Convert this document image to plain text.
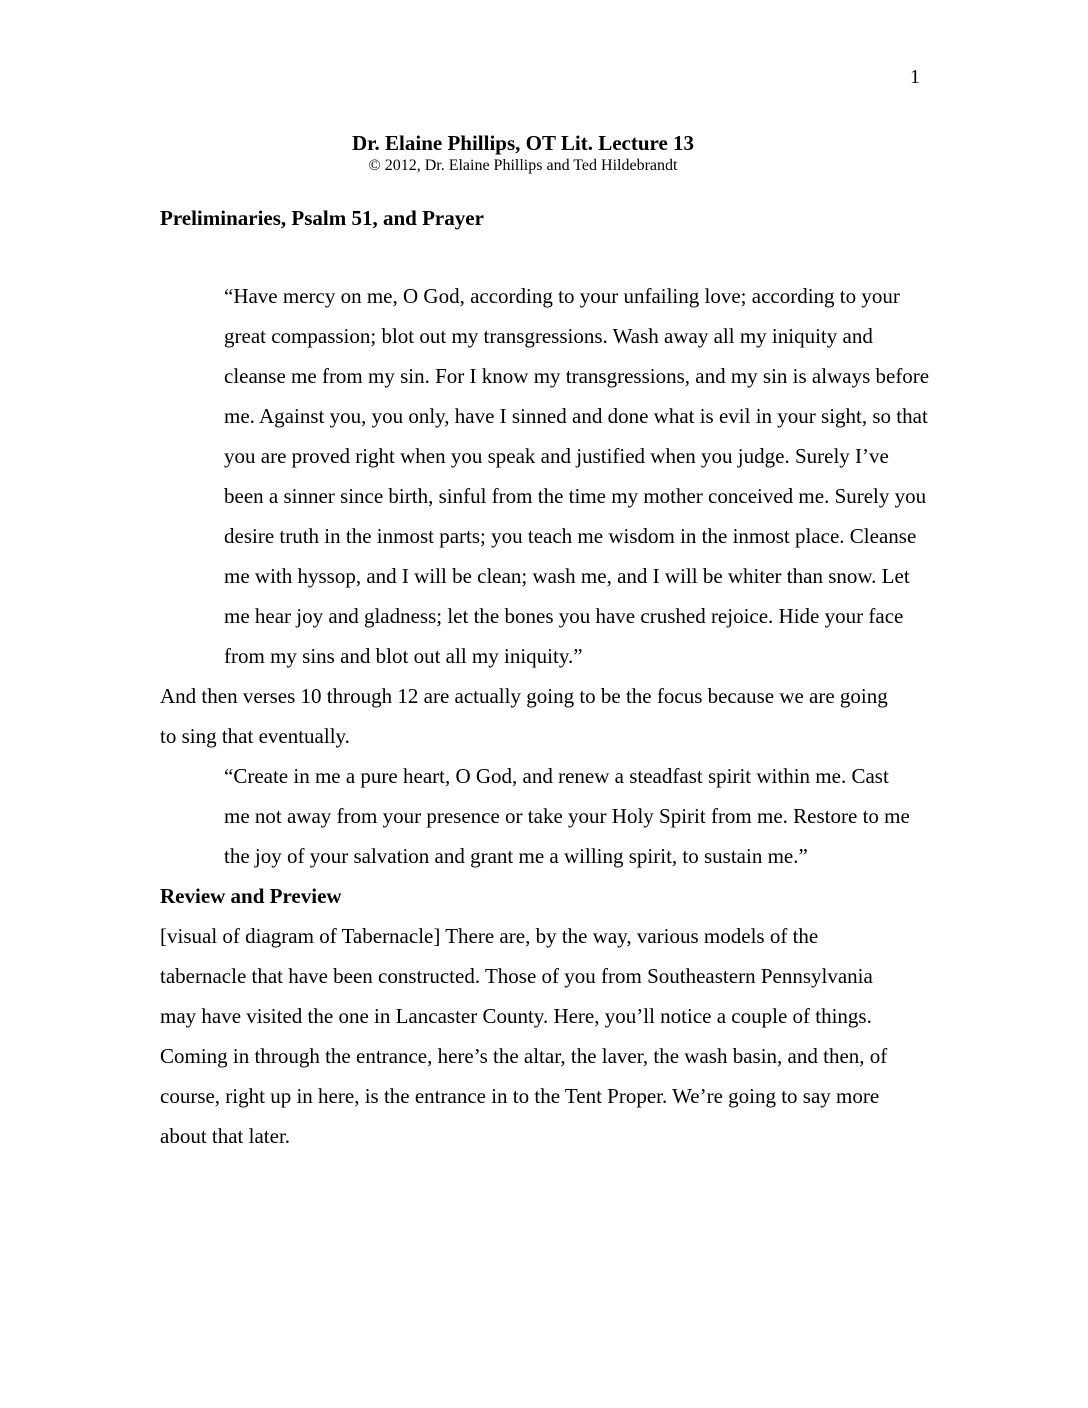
1
Dr. Elaine Phillips, OT Lit. Lecture 13
© 2012, Dr. Elaine Phillips and Ted Hildebrandt

Preliminaries, Psalm 51, and Prayer

“Have mercy on me, O God, according to your unfailing love; according to your great compassion; blot out my transgressions. Wash away all my iniquity and cleanse me from my sin. For I know my transgressions, and my sin is always before me. Against you, you only, have I sinned and done what is evil in your sight, so that you are proved right when you speak and justified when you judge. Surely I’ve been a sinner since birth, sinful from the time my mother conceived me. Surely you desire truth in the inmost parts; you teach me wisdom in the inmost place. Cleanse me with hyssop, and I will be clean; wash me, and I will be whiter than snow. Let me hear joy and gladness; let the bones you have crushed rejoice. Hide your face from my sins and blot out all my iniquity.”

And then verses 10 through 12 are actually going to be the focus because we are going to sing that eventually.

“Create in me a pure heart, O God, and renew a steadfast spirit within me. Cast me not away from your presence or take your Holy Spirit from me. Restore to me the joy of your salvation and grant me a willing spirit, to sustain me.”

Review and Preview

[visual of diagram of Tabernacle] There are, by the way, various models of the tabernacle that have been constructed. Those of you from Southeastern Pennsylvania may have visited the one in Lancaster County. Here, you’ll notice a couple of things. Coming in through the entrance, here’s the altar, the laver, the wash basin, and then, of course, right up in here, is the entrance in to the Tent Proper. We’re going to say more about that later.
